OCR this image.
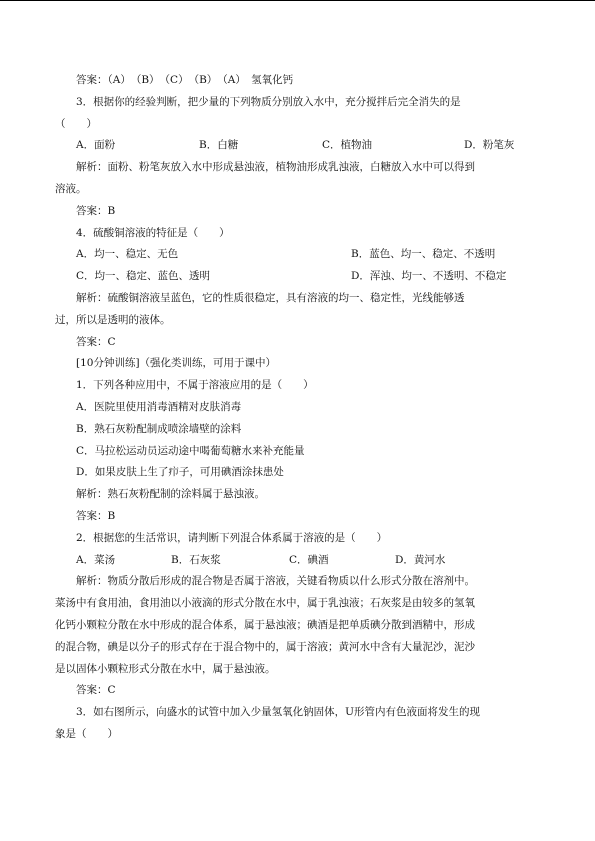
答案：（A）　（B）　（C）　（B）　（A）　氢氧化钙
3．根据你的经验判断，把少量的下列物质分别放入水中，充分搅拌后完全消失的是
（　　）
A．面粉	B．白糖	C．植物油	D．粉笔灰
解析：面粉、粉笔灰放入水中形成悬浊液，植物油形成乳浊液，白糖放入水中可以得到
溶液。
答案：B
4．硫酸铜溶液的特征是（　　）
A．均一、稳定、无色	B．蓝色、均一、稳定、不透明
C．均一、稳定、蓝色、透明	D．浑浊、均一、不透明、不稳定
解析：硫酸铜溶液呈蓝色，它的性质很稳定，具有溶液的均一、稳定性，光线能够透
过，所以是透明的液体。
答案：C
[10分钟训练]（强化类训练，可用于课中）
1．下列各种应用中，不属于溶液应用的是（　　）
A．医院里使用消毒酒精对皮肤消毒
B．熟石灰粉配制成喷涂墙壁的涂料
C．马拉松运动员运动途中喝葡萄糖水来补充能量
D．如果皮肤上生了疖子，可用碘酒涂抹患处
解析：熟石灰粉配制的涂料属于悬浊液。
答案：B
2．根据您的生活常识，请判断下列混合体系属于溶液的是（　　）
A．菜汤	B．石灰浆	C．碘酒	D．黄河水
解析：物质分散后形成的混合物是否属于溶液，关键看物质以什么形式分散在溶剂中。
菜汤中有食用油，食用油以小液滴的形式分散在水中，属于乳浊液；石灰浆是由较多的氢氧
化钙小颗粒分散在水中形成的混合体系，属于悬浊液；碘酒是把单质碘分散到酒精中，形成
的混合物，碘是以分子的形式存在于混合物中的，属于溶液；黄河水中含有大量泥沙，泥沙
是以固体小颗粒形式分散在水中，属于悬浊液。
答案：C
3．如右图所示，向盛水的试管中加入少量氢氧化钠固体，U形管内有色液面将发生的现
象是（　　）
